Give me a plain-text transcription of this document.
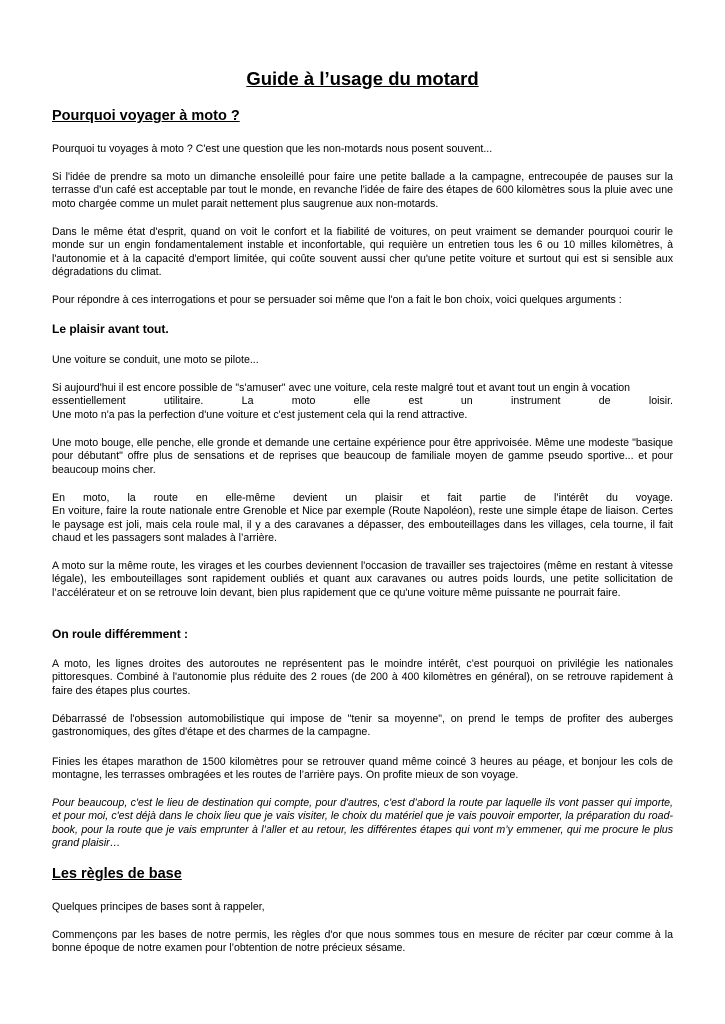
Guide à l’usage du motard
Pourquoi voyager à moto ?

Pourquoi tu voyages à moto ? C'est une question que les non-motards nous posent souvent...

Si l'idée de prendre sa moto un dimanche ensoleillé pour faire une petite ballade a la campagne, entrecoupée de pauses sur la terrasse d'un café est acceptable par tout le monde, en revanche l'idée de faire des étapes de 600 kilomètres sous la pluie avec une moto chargée comme un mulet parait nettement plus saugrenue aux non-motards.

Dans le même état d'esprit, quand on voit le confort et la fiabilité de voitures, on peut vraiment se demander pourquoi courir le monde sur un engin fondamentalement instable et inconfortable, qui requière un entretien tous les 6 ou 10 milles kilomètres, à l'autonomie et à la capacité d'emport limitée, qui coûte souvent aussi cher qu'une petite voiture et surtout qui est si sensible aux dégradations du climat.

Pour répondre à ces interrogations et pour se persuader soi même que l'on a fait le bon choix, voici quelques arguments :

Le plaisir avant tout.

Une voiture se conduit, une moto se pilote...

Si aujourd'hui il est encore possible de "s'amuser" avec une voiture, cela reste malgré tout et avant tout un engin à vocation
essentiellement utilitaire. La moto elle est un instrument de loisir.
Une moto n'a pas la perfection d'une voiture et c'est justement cela qui la rend attractive.

Une moto bouge, elle penche, elle gronde et demande une certaine expérience pour être apprivoisée. Même une modeste "basique pour débutant" offre plus de sensations et de reprises que beaucoup de familiale moyen de gamme pseudo sportive... et pour beaucoup moins cher.

En moto, la route en elle-même devient un plaisir et fait partie de l’intérêt du voyage.
En voiture, faire la route nationale entre Grenoble et Nice par exemple (Route Napoléon), reste une simple étape de liaison. Certes le paysage est joli, mais cela roule mal, il y a des caravanes a dépasser, des embouteillages dans les villages, cela tourne, il fait chaud et les passagers sont malades à l’arrière.

A moto sur la même route, les virages et les courbes deviennent l'occasion de travailler ses trajectoires (même en restant à vitesse légale), les embouteillages sont rapidement oubliés et quant aux caravanes ou autres poids lourds, une petite sollicitation de l’accélérateur et on se retrouve loin devant, bien plus rapidement que ce qu'une voiture même puissante ne pourrait faire.

On roule différemment :

A moto, les lignes droites des autoroutes ne représentent pas le moindre intérêt, c'est pourquoi on privilégie les nationales pittoresques. Combiné à l'autonomie plus réduite des 2 roues (de 200 à 400 kilomètres en général), on se retrouve rapidement à faire des étapes plus courtes.

Débarrassé de l'obsession automobilistique qui impose de "tenir sa moyenne", on prend le temps de profiter des auberges gastronomiques, des gîtes d'étape et des charmes de la campagne.

Finies les étapes marathon de 1500 kilomètres pour se retrouver quand même coincé 3 heures au péage, et bonjour les cols de montagne, les terrasses ombragées et les routes de l’arrière pays. On profite mieux de son voyage.

Pour beaucoup, c'est le lieu de destination qui compte, pour d'autres, c'est d’abord la route par laquelle ils vont passer qui importe, et pour moi, c'est déjà dans le choix lieu que je vais visiter, le choix du matériel que je vais pouvoir emporter, la préparation du road-book, pour la route que je vais emprunter à l’aller et au retour, les différentes étapes qui vont m’y emmener, qui me procure le plus grand plaisir…

Les règles de base

Quelques principes de bases sont à rappeler,

Commençons par les bases de notre permis, les règles d'or que nous sommes tous en mesure de réciter par cœur comme à la bonne époque de notre examen pour l’obtention de notre précieux sésame.
